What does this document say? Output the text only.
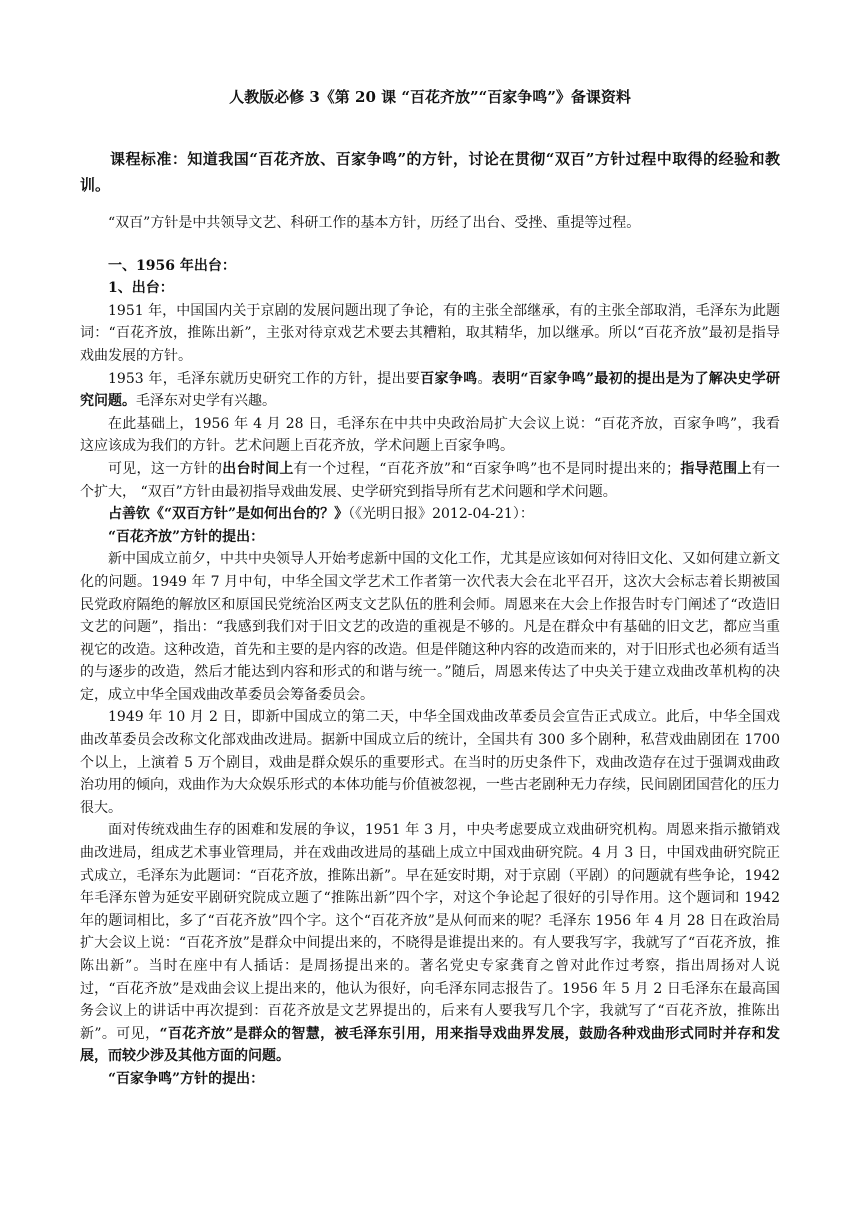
人教版必修 3《第 20 课 “百花齐放”“百家争鸣”》备课资料

课程标准：知道我国“百花齐放、百家争鸣”的方针，讨论在贯彻“双百”方针过程中取得的经验和教训。

“双百”方针是中共领导文艺、科研工作的基本方针，历经了出台、受挫、重提等过程。

一、1956 年出台：

1、出台：

1951 年，中国国内关于京剧的发展问题出现了争论，有的主张全部继承，有的主张全部取消，毛泽东为此题词：“百花齐放，推陈出新”，主张对待京戏艺术要去其糟粕，取其精华，加以继承。所以“百花齐放”最初是指导戏曲发展的方针。

1953 年，毛泽东就历史研究工作的方针，提出要百家争鸣。表明“百家争鸣”最初的提出是为了解决史学研究问题。毛泽东对史学有兴趣。

在此基础上，1956 年 4 月 28 日，毛泽东在中共中央政治局扩大会议上说：“百花齐放，百家争鸣”，我看这应该成为我们的方针。艺术问题上百花齐放，学术问题上百家争鸣。

可见，这一方针的出台时间上有一个过程，“百花齐放”和“百家争鸣”也不是同时提出来的；指导范围上有一个扩大， “双百”方针由最初指导戏曲发展、史学研究到指导所有艺术问题和学术问题。

占善钦《“双百方针”是如何出台的？》（《光明日报》2012-04-21）：

“百花齐放”方针的提出：

新中国成立前夕，中共中央领导人开始考虑新中国的文化工作，尤其是应该如何对待旧文化、又如何建立新文化的问题。1949 年 7 月中旬，中华全国文学艺术工作者第一次代表大会在北平召开，这次大会标志着长期被国民党政府隔绝的解放区和原国民党统治区两支文艺队伍的胜利会师。周恩来在大会上作报告时专门阐述了“改造旧文艺的问题”，指出：“我感到我们对于旧文艺的改造的重视是不够的。凡是在群众中有基础的旧文艺，都应当重视它的改造。这种改造，首先和主要的是内容的改造。但是伴随这种内容的改造而来的，对于旧形式也必须有适当的与逐步的改造，然后才能达到内容和形式的和谐与统一。”随后，周恩来传达了中央关于建立戏曲改革机构的决定，成立中华全国戏曲改革委员会筹备委员会。

1949 年 10 月 2 日，即新中国成立的第二天，中华全国戏曲改革委员会宣告正式成立。此后，中华全国戏曲改革委员会改称文化部戏曲改进局。据新中国成立后的统计，全国共有 300 多个剧种，私营戏曲剧团在 1700 个以上，上演着 5 万个剧目，戏曲是群众娱乐的重要形式。在当时的历史条件下，戏曲改造存在过于强调戏曲政治功用的倾向，戏曲作为大众娱乐形式的本体功能与价值被忽视，一些古老剧种无力存续，民间剧团国营化的压力很大。

面对传统戏曲生存的困难和发展的争议，1951 年 3 月，中央考虑要成立戏曲研究机构。周恩来指示撤销戏曲改进局，组成艺术事业管理局，并在戏曲改进局的基础上成立中国戏曲研究院。4 月 3 日，中国戏曲研究院正式成立，毛泽东为此题词：“百花齐放，推陈出新”。早在延安时期，对于京剧（平剧）的问题就有些争论，1942 年毛泽东曾为延安平剧研究院成立题了“推陈出新”四个字，对这个争论起了很好的引导作用。这个题词和 1942 年的题词相比，多了“百花齐放”四个字。这个“百花齐放”是从何而来的呢？毛泽东 1956 年 4 月 28 日在政治局扩大会议上说：“百花齐放”是群众中间提出来的，不晓得是谁提出来的。有人要我写字，我就写了“百花齐放，推陈出新”。当时在座中有人插话：是周扬提出来的。著名党史专家龚育之曾对此作过考察，指出周扬对人说过，“百花齐放”是戏曲会议上提出来的，他认为很好，向毛泽东同志报告了。1956 年 5 月 2 日毛泽东在最高国务会议上的讲话中再次提到：百花齐放是文艺界提出的，后来有人要我写几个字，我就写了“百花齐放，推陈出新”。可见，“百花齐放”是群众的智慧，被毛泽东引用，用来指导戏曲界发展，鼓励各种戏曲形式同时并存和发展，而较少涉及其他方面的问题。

“百家争鸣”方针的提出：
